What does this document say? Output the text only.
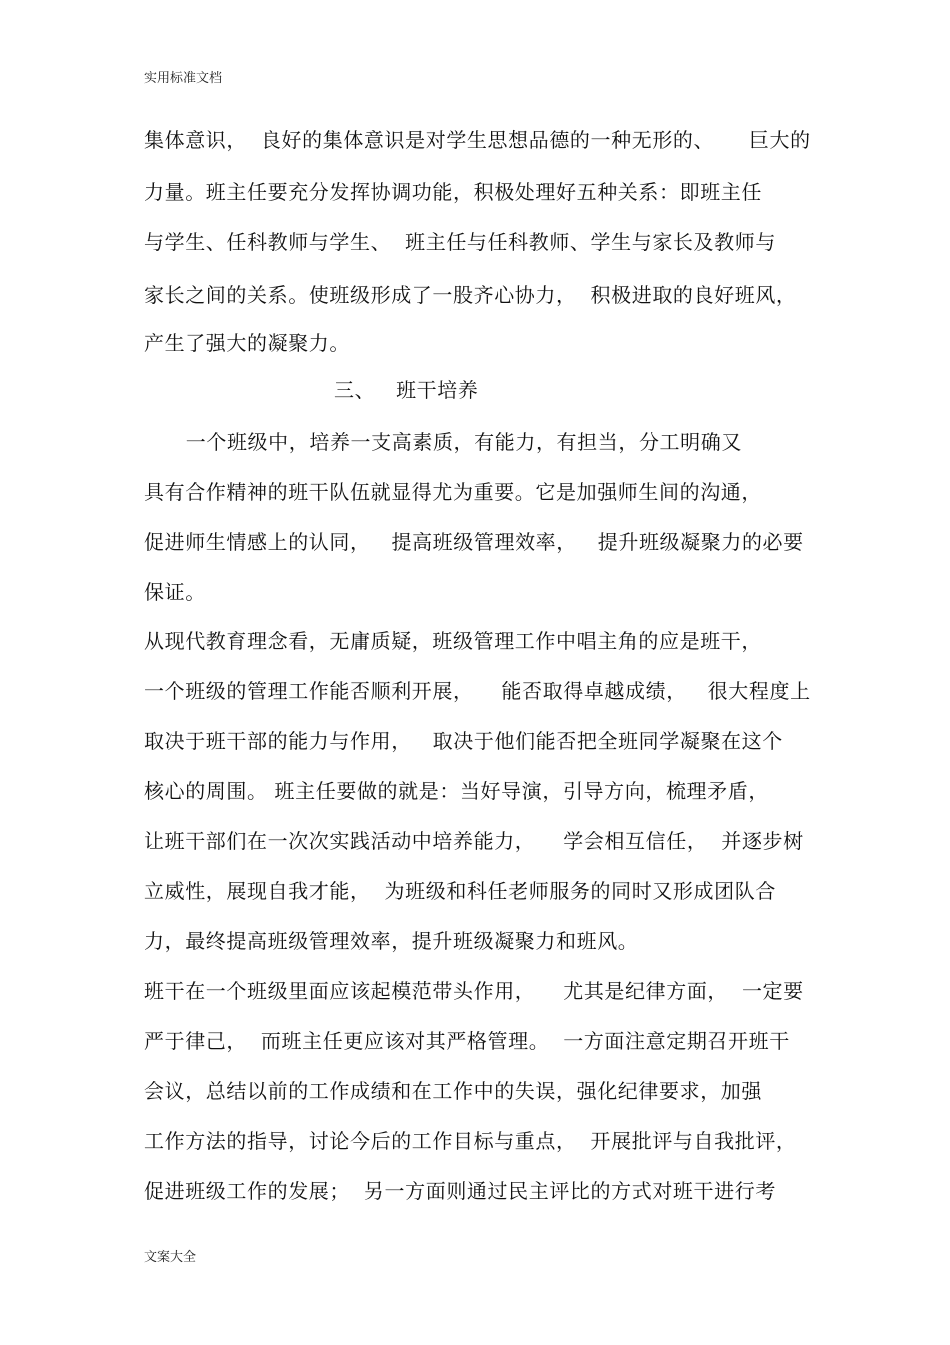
实用标准文档
集体意识，  良好的集体意识是对学生思想品德的一种无形的、     巨大的
力量。班主任要充分发挥协调功能，积极处理好五种关系：即班主任
与学生、任科教师与学生、  班主任与任科教师、学生与家长及教师与
家长之间的关系。使班级形成了一股齐心协力，  积极进取的良好班风，
产生了强大的凝聚力。
三、   班干培养
一个班级中，培养一支高素质，有能力，有担当，分工明确又
具有合作精神的班干队伍就显得尤为重要。它是加强师生间的沟通，
促进师生情感上的认同，   提高班级管理效率，   提升班级凝聚力的必要
保证。
从现代教育理念看，无庸质疑，班级管理工作中唱主角的应是班干，
一个班级的管理工作能否顺利开展，    能否取得卓越成绩，   很大程度上
取决于班干部的能力与作用，   取决于他们能否把全班同学凝聚在这个
核心的周围。 班主任要做的就是：当好导演，引导方向，梳理矛盾，
让班干部们在一次次实践活动中培养能力，    学会相互信任，  并逐步树
立威性，展现自我才能，  为班级和科任老师服务的同时又形成团队合
力，最终提高班级管理效率，提升班级凝聚力和班风。
班干在一个班级里面应该起模范带头作用，    尤其是纪律方面，  一定要
严于律己，  而班主任更应该对其严格管理。  一方面注意定期召开班干
会议，总结以前的工作成绩和在工作中的失误，强化纪律要求，加强
工作方法的指导，讨论今后的工作目标与重点，  开展批评与自我批评，
促进班级工作的发展；  另一方面则通过民主评比的方式对班干进行考
文案大全
